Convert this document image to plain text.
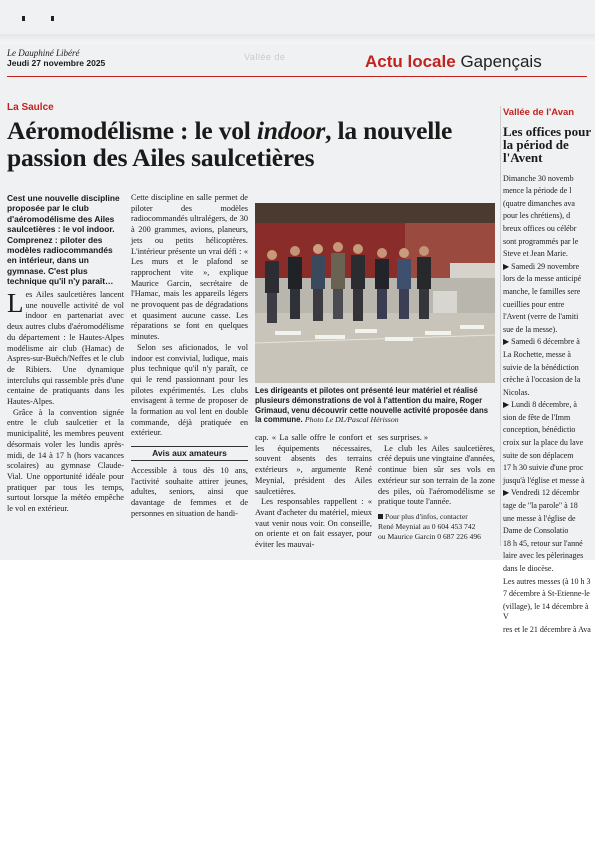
Le Dauphiné Libéré
Jeudi 27 novembre 2025
Vallée de	Actu locale Gapençais
La Saulce
Aéromodélisme : le vol indoor, la nouvelle passion des Ailes saulcetières
Cest une nouvelle discipline proposée par le club d'aéromodélisme des Ailes saulcetières : le vol indoor. Comprenez : piloter des modèles radiocommandés en intérieur, dans un gymnase. C'est plus technique qu'il n'y paraît…

Les Ailes saulcetières lancent une nouvelle activité de vol indoor en partenariat avec deux autres clubs d'aéromodélisme du département : le Hautes-Alpes modélisme air club (Hamac) de Aspres-sur-Buëch/Neffes et le club de Ribiers. Une dynamique interclubs qui rassemble près d'une centaine de pratiquants dans les Hautes-Alpes.

Grâce à la convention signée entre le club saulcetier et la municipalité, les membres peuvent désormais voler les lundis après-midi, de 14 à 17 h (hors vacances scolaires) au gymnase Claude-Vial. Une opportunité idéale pour pratiquer par tous les temps, surtout lorsque la météo empêche le vol en extérieur.

Cette discipline en salle permet de piloter des modèles radiocommandés ultralégers, de 30 à 200 grammes, avions, planeurs, jets ou petits hélicoptères. L'intérieur présente un vrai défi : « Les murs et le plafond se rapprochent vite », explique Maurice Garcin, secrétaire de l'Hamac, mais les appareils légers ne provoquent pas de dégradations et quasiment aucune casse. Les réparations se font en quelques minutes.

Selon ses aficionados, le vol indoor est convivial, ludique, mais plus technique qu'il n'y paraît, ce qui le rend passionnant pour les pilotes expérimentés. Les clubs envisagent à terme de proposer de la formation au vol lent en double commande, déjà pratiquée en extérieur.

Avis aux amateurs

Accessible à tous dès 10 ans, l'activité souhaite attirer jeunes, adultes, seniors, ainsi que davantage de femmes et de personnes en situation de handi-

Les dirigeants et pilotes ont présenté leur matériel et réalisé plusieurs démonstrations de vol à l'attention du maire, Roger Grimaud, venu découvrir cette nouvelle activité proposée dans la commune. Photo Le DL/Pascal Hérisson

cap. « La salle offre le confort et les équipements nécessaires, souvent absents des terrains extérieurs », argumente René Meynial, président des Ailes saulcetières.

Les responsables rappellent : « Avant d'acheter du matériel, mieux vaut venir nous voir. On conseille, on oriente et on fait essayer, pour éviter les mauvai-

ses surprises. »

Le club les Ailes saulcetières, créé depuis une vingtaine d'années, continue bien sûr ses vols en extérieur sur son terrain de la zone des piles, où l'aéromodélisme se pratique toute l'année.

Pour plus d'infos, contacter
René Meynial au 0 604 453 742
ou Maurice Garcin 0 687 226 496
Vallée de l'Avan
Les offices pour la périod de l'Avent

Dimanche 30 novemb

mence la période de l

(quatre dimanches ava

pour les chrétiens), d

breux offices ou célébr

sont programmés par le

Steve et Jean Marie.

▶ Samedi 29 novembre

lors de la messe anticipé

manche, le familles sere

cueillies pour entre

l'Avent (verre de l'amiti

sue de la messe).

▶ Samedi 6 décembre à

La Rochette, messe à

suivie de la bénédiction

crèche à l'occasion de la

Nicolas.

▶ Lundi 8 décembre, à

sion de fête de l'Imm

conception, bénédictio

croix sur la place du lave

suite de son déplacem

17 h 30 suivie d'une proc

jusqu'à l'église et messe à

▶ Vendredi 12 décembr

tage de "la parole" à 18

une messe à l'église de

Dame de Consolatio

18 h 45, retour sur l'anné

laire avec les pèlerinages

dans le diocèse.

Les autres messes (à 10 h 3

7 décembre à St-Etienne-le

(village), le 14 décembre à V

res et le 21 décembre à Ava
